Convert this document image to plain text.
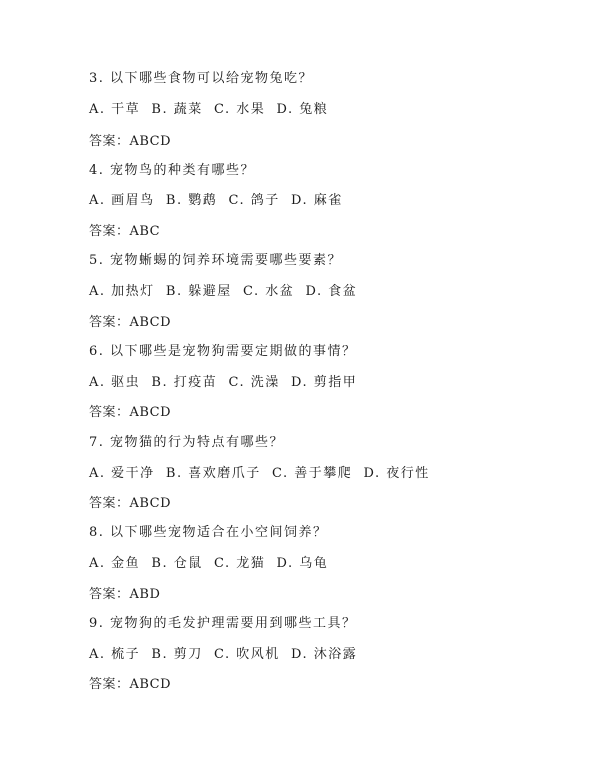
3. 以下哪些食物可以给宠物兔吃？
A. 干草  B. 蔬菜  C. 水果  D. 兔粮
答案：ABCD
4. 宠物鸟的种类有哪些？
A. 画眉鸟  B. 鹦鹉  C. 鸽子  D. 麻雀
答案：ABC
5. 宠物蜥蜴的饲养环境需要哪些要素？
A. 加热灯  B. 躲避屋  C. 水盆  D. 食盆
答案：ABCD
6. 以下哪些是宠物狗需要定期做的事情？
A. 驱虫  B. 打疫苗  C. 洗澡  D. 剪指甲
答案：ABCD
7. 宠物猫的行为特点有哪些？
A. 爱干净  B. 喜欢磨爪子  C. 善于攀爬  D. 夜行性
答案：ABCD
8. 以下哪些宠物适合在小空间饲养？
A. 金鱼  B. 仓鼠  C. 龙猫  D. 乌龟
答案：ABD
9. 宠物狗的毛发护理需要用到哪些工具？
A. 梳子  B. 剪刀  C. 吹风机  D. 沐浴露
答案：ABCD
